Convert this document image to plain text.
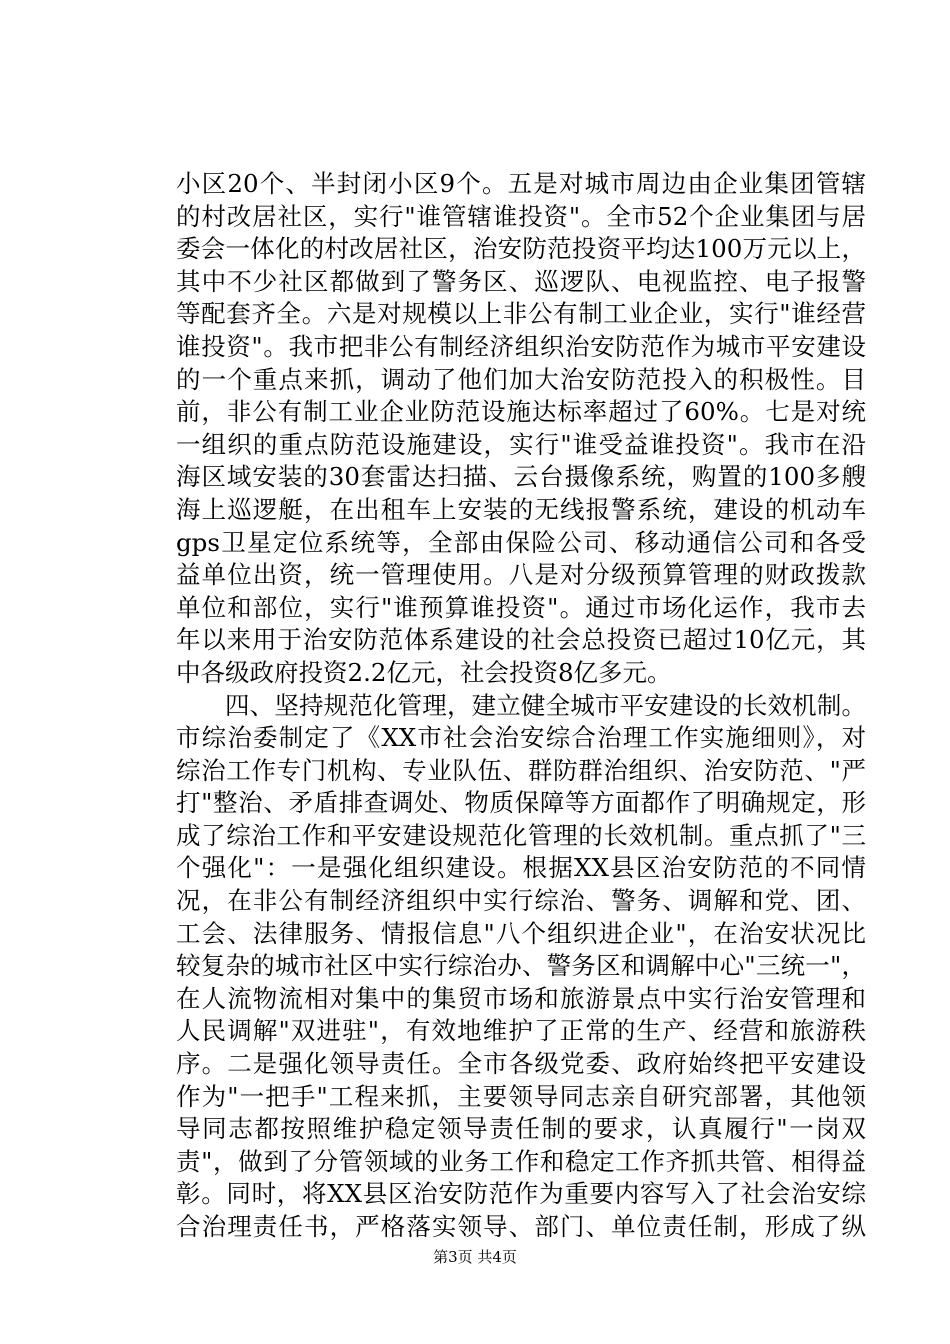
小区20个、半封闭小区9个。五是对城市周边由企业集团管辖
的村改居社区，实行"谁管辖谁投资"。全市52个企业集团与居
委会一体化的村改居社区，治安防范投资平均达100万元以上，
其中不少社区都做到了警务区、巡逻队、电视监控、电子报警
等配套齐全。六是对规模以上非公有制工业企业，实行"谁经营
谁投资"。我市把非公有制经济组织治安防范作为城市平安建设
的一个重点来抓，调动了他们加大治安防范投入的积极性。目
前，非公有制工业企业防范设施达标率超过了60%。七是对统
一组织的重点防范设施建设，实行"谁受益谁投资"。我市在沿
海区域安装的30套雷达扫描、云台摄像系统，购置的100多艘
海上巡逻艇，在出租车上安装的无线报警系统，建设的机动车
gps卫星定位系统等，全部由保险公司、移动通信公司和各受
益单位出资，统一管理使用。八是对分级预算管理的财政拨款
单位和部位，实行"谁预算谁投资"。通过市场化运作，我市去
年以来用于治安防范体系建设的社会总投资已超过10亿元，其
中各级政府投资2.2亿元，社会投资8亿多元。
四、坚持规范化管理，建立健全城市平安建设的长效机制。
市综治委制定了《XX市社会治安综合治理工作实施细则》，对
综治工作专门机构、专业队伍、群防群治组织、治安防范、"严
打"整治、矛盾排查调处、物质保障等方面都作了明确规定，形
成了综治工作和平安建设规范化管理的长效机制。重点抓了"三
个强化"：一是强化组织建设。根据XX县区治安防范的不同情
况，在非公有制经济组织中实行综治、警务、调解和党、团、
工会、法律服务、情报信息"八个组织进企业"，在治安状况比
较复杂的城市社区中实行综治办、警务区和调解中心"三统一"，
在人流物流相对集中的集贸市场和旅游景点中实行治安管理和
人民调解"双进驻"，有效地维护了正常的生产、经营和旅游秩
序。二是强化领导责任。全市各级党委、政府始终把平安建设
作为"一把手"工程来抓，主要领导同志亲自研究部署，其他领
导同志都按照维护稳定领导责任制的要求，认真履行"一岗双
责"，做到了分管领域的业务工作和稳定工作齐抓共管、相得益
彰。同时，将XX县区治安防范作为重要内容写入了社会治安综
合治理责任书，严格落实领导、部门、单位责任制，形成了纵
第3页 共4页
